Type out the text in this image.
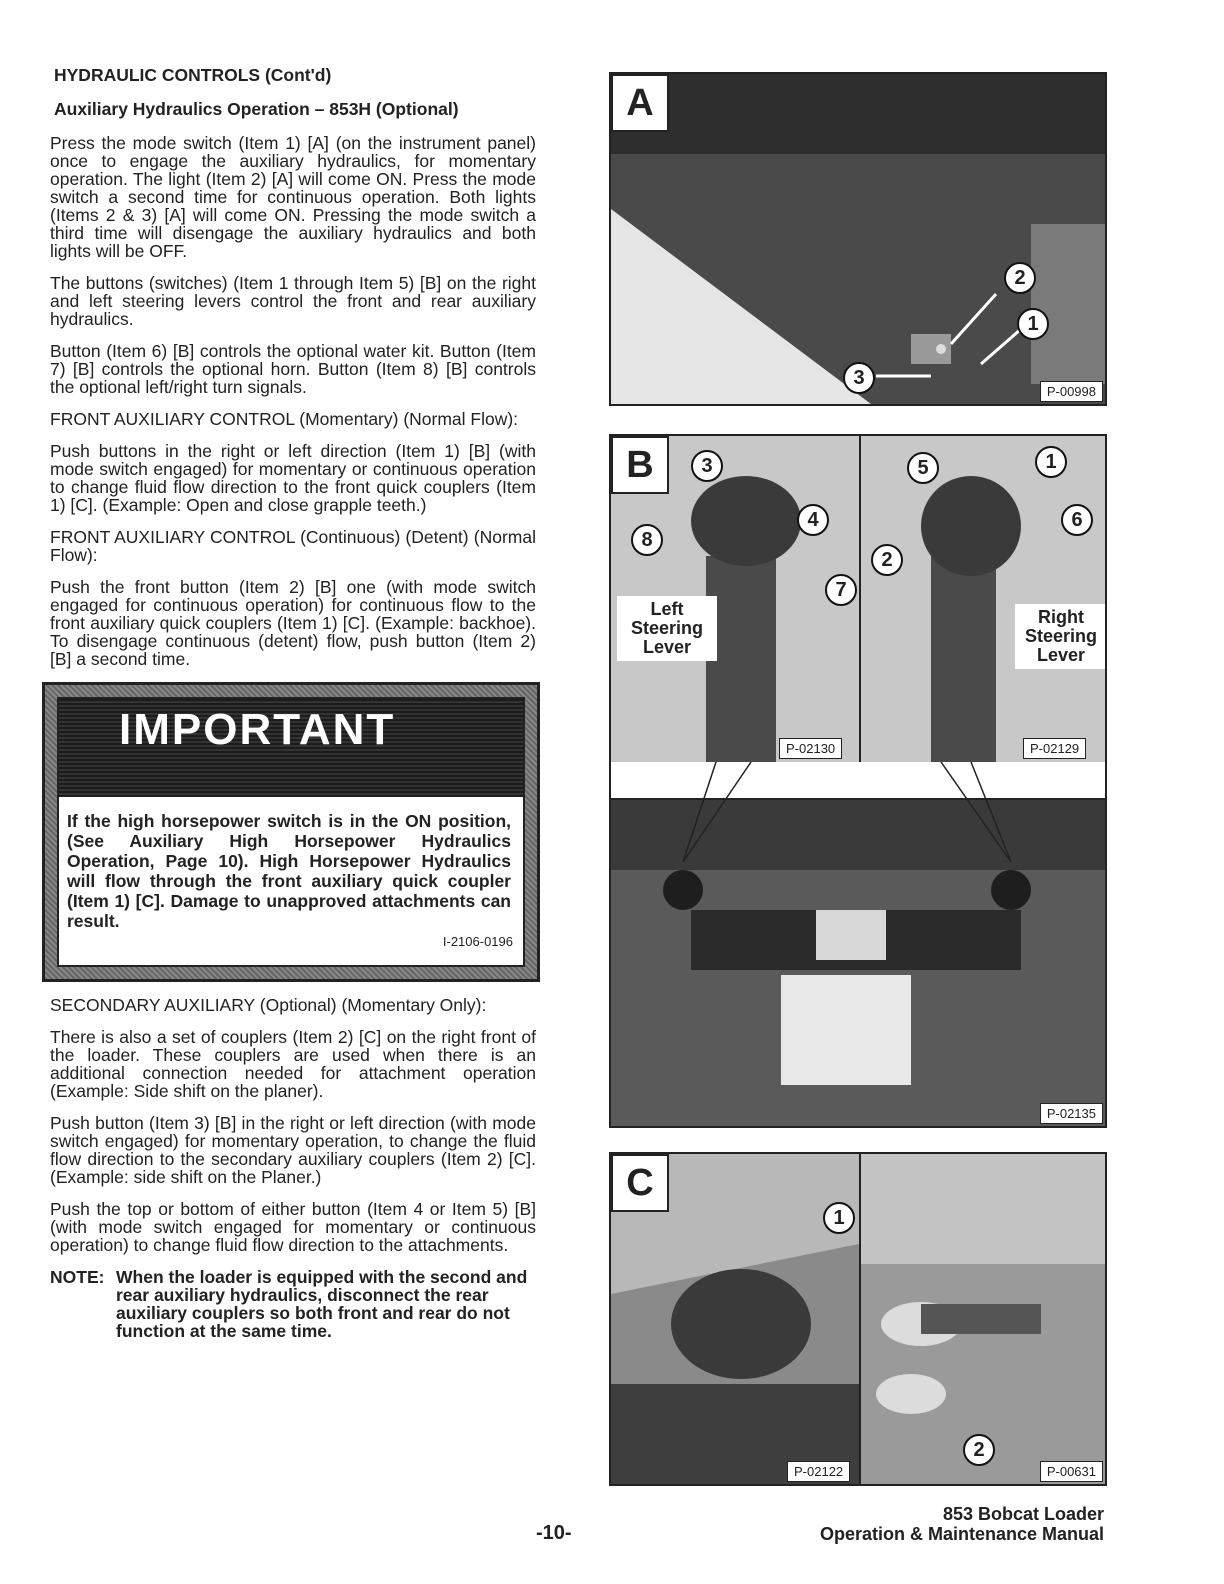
HYDRAULIC CONTROLS (Cont'd)
Auxiliary Hydraulics Operation – 853H (Optional)

Press the mode switch (Item 1) [A] (on the instrument panel) once to engage the auxiliary hydraulics, for momentary operation. The light (Item 2) [A] will come ON. Press the mode switch a second time for continuous operation. Both lights (Items 2 & 3) [A] will come ON. Pressing the mode switch a third time will disengage the auxiliary hydraulics and both lights will be OFF.

The buttons (switches) (Item 1 through Item 5) [B] on the right and left steering levers control the front and rear auxiliary hydraulics.

Button (Item 6) [B] controls the optional water kit. Button (Item 7) [B] controls the optional horn. Button (Item 8) [B] controls the optional left/right turn signals.

FRONT AUXILIARY CONTROL (Momentary) (Normal Flow):

Push buttons in the right or left direction (Item 1) [B] (with mode switch engaged) for momentary or continuous operation to change fluid flow direction to the front quick couplers (Item 1) [C]. (Example: Open and close grapple teeth.)

FRONT AUXILIARY CONTROL (Continuous) (Detent) (Normal Flow):

Push the front button (Item 2) [B] one (with mode switch engaged for continuous operation) for continuous flow to the front auxiliary quick couplers (Item 1) [C]. (Example: backhoe). To disengage continuous (detent) flow, push button (Item 2) [B] a second time.

IMPORTANT
If the high horsepower switch is in the ON position, (See Auxiliary High Horsepower Hydraulics Operation, Page 10). High Horsepower Hydraulics will flow through the front auxiliary quick coupler (Item 1) [C]. Damage to unapproved attachments can result.
I-2106-0196

SECONDARY AUXILIARY (Optional) (Momentary Only):

There is also a set of couplers (Item 2) [C] on the right front of the loader. These couplers are used when there is an additional connection needed for attachment operation (Example: Side shift on the planer).

Push button (Item 3) [B] in the right or left direction (with mode switch engaged) for momentary operation, to change the fluid flow direction to the secondary auxiliary couplers (Item 2) [C]. (Example: side shift on the Planer.)

Push the top or bottom of either button (Item 4 or Item 5) [B] (with mode switch engaged for momentary or continuous operation) to change fluid flow direction to the attachments.

NOTE: When the loader is equipped with the second and rear auxiliary hydraulics, disconnect the rear auxiliary couplers so both front and rear do not function at the same time.
A
2
1
3
P-00998
B	3
8
4
7
5	1
6
2
Left Steering Lever
Right Steering Lever
P-02130	P-02129
P-02135
C
1
2
P-02122	P-00631
-10-
853 Bobcat Loader
Operation & Maintenance Manual
